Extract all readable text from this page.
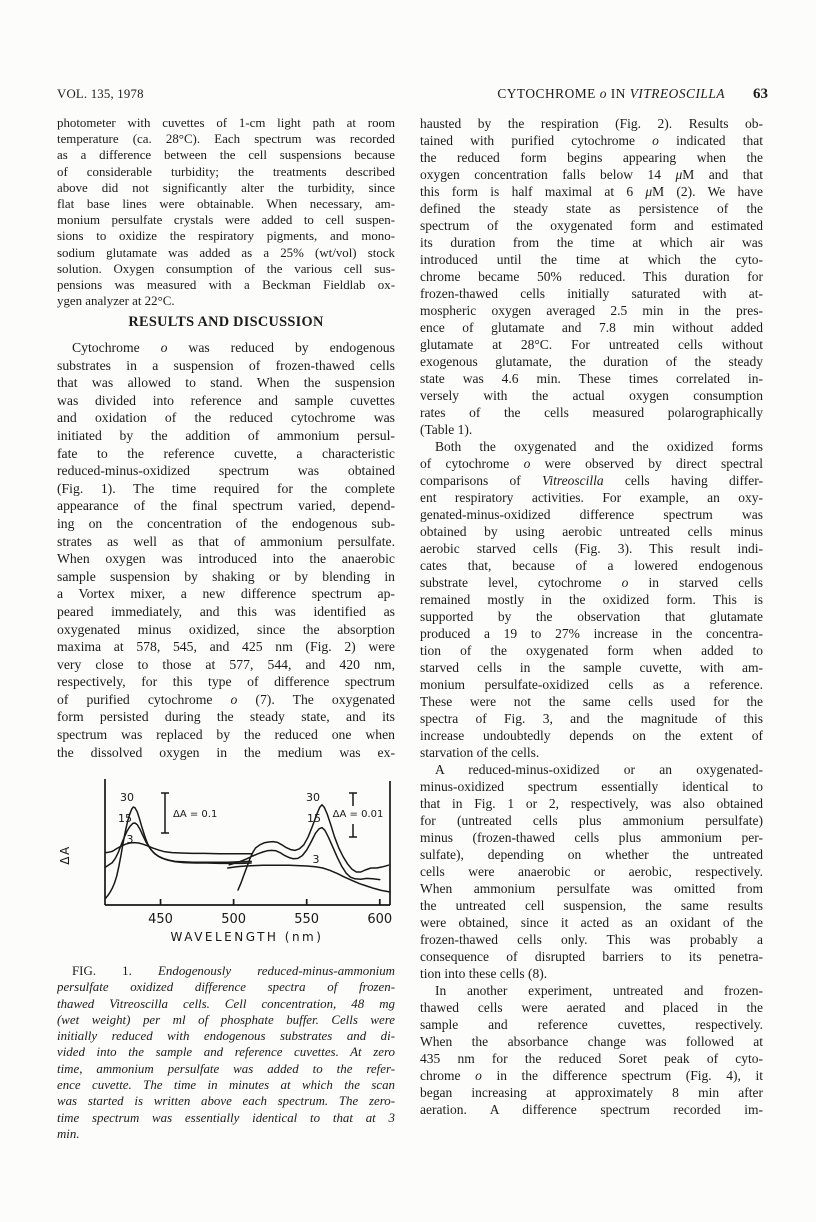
VOL. 135, 1978	CYTOCHROME o IN VITREOSCILLA 63
photometer with cuvettes of 1-cm light path at room
temperature (ca. 28°C). Each spectrum was recorded
as a difference between the cell suspensions because
of considerable turbidity; the treatments described
above did not significantly alter the turbidity, since
flat base lines were obtainable. When necessary, am-
monium persulfate crystals were added to cell suspen-
sions to oxidize the respiratory pigments, and mono-
sodium glutamate was added as a 25% (wt/vol) stock
solution. Oxygen consumption of the various cell sus-
pensions was measured with a Beckman Fieldlab ox-
ygen analyzer at 22°C.
RESULTS AND DISCUSSION
Cytochrome o was reduced by endogenous
substrates in a suspension of frozen-thawed cells
that was allowed to stand. When the suspension
was divided into reference and sample cuvettes
and oxidation of the reduced cytochrome was
initiated by the addition of ammonium persul-
fate to the reference cuvette, a characteristic
reduced-minus-oxidized spectrum was obtained
(Fig. 1). The time required for the complete
appearance of the final spectrum varied, depend-
ing on the concentration of the endogenous sub-
strates as well as that of ammonium persulfate.
When oxygen was introduced into the anaerobic
sample suspension by shaking or by blending in
a Vortex mixer, a new difference spectrum ap-
peared immediately, and this was identified as
oxygenated minus oxidized, since the absorption
maxima at 578, 545, and 425 nm (Fig. 2) were
very close to those at 577, 544, and 420 nm,
respectively, for this type of difference spectrum
of purified cytochrome o (7). The oxygenated
form persisted during the steady state, and its
spectrum was replaced by the reduced one when
the dissolved oxygen in the medium was ex-
30
15
3
30
15
3
450	500	550	600
ΔA = 0.1	ΔA = 0.01
WAVELENGTH (nm)
ΔA
FIG. 1. Endogenously reduced-minus-ammonium
persulfate oxidized difference spectra of frozen-
thawed Vitreoscilla cells. Cell concentration, 48 mg
(wet weight) per ml of phosphate buffer. Cells were
initially reduced with endogenous substrates and di-
vided into the sample and reference cuvettes. At zero
time, ammonium persulfate was added to the refer-
ence cuvette. The time in minutes at which the scan
was started is written above each spectrum. The zero-
time spectrum was essentially identical to that at 3
min.
hausted by the respiration (Fig. 2). Results ob-
tained with purified cytochrome o indicated that
the reduced form begins appearing when the
oxygen concentration falls below 14 μM and that
this form is half maximal at 6 μM (2). We have
defined the steady state as persistence of the
spectrum of the oxygenated form and estimated
its duration from the time at which air was
introduced until the time at which the cyto-
chrome became 50% reduced. This duration for
frozen-thawed cells initially saturated with at-
mospheric oxygen averaged 2.5 min in the pres-
ence of glutamate and 7.8 min without added
glutamate at 28°C. For untreated cells without
exogenous glutamate, the duration of the steady
state was 4.6 min. These times correlated in-
versely with the actual oxygen consumption
rates of the cells measured polarographically
(Table 1).
Both the oxygenated and the oxidized forms
of cytochrome o were observed by direct spectral
comparisons of Vitreoscilla cells having differ-
ent respiratory activities. For example, an oxy-
genated-minus-oxidized difference spectrum was
obtained by using aerobic untreated cells minus
aerobic starved cells (Fig. 3). This result indi-
cates that, because of a lowered endogenous
substrate level, cytochrome o in starved cells
remained mostly in the oxidized form. This is
supported by the observation that glutamate
produced a 19 to 27% increase in the concentra-
tion of the oxygenated form when added to
starved cells in the sample cuvette, with am-
monium persulfate-oxidized cells as a reference.
These were not the same cells used for the
spectra of Fig. 3, and the magnitude of this
increase undoubtedly depends on the extent of
starvation of the cells.
A reduced-minus-oxidized or an oxygenated-
minus-oxidized spectrum essentially identical to
that in Fig. 1 or 2, respectively, was also obtained
for (untreated cells plus ammonium persulfate)
minus (frozen-thawed cells plus ammonium per-
sulfate), depending on whether the untreated
cells were anaerobic or aerobic, respectively.
When ammonium persulfate was omitted from
the untreated cell suspension, the same results
were obtained, since it acted as an oxidant of the
frozen-thawed cells only. This was probably a
consequence of disrupted barriers to its penetra-
tion into these cells (8).
In another experiment, untreated and frozen-
thawed cells were aerated and placed in the
sample and reference cuvettes, respectively.
When the absorbance change was followed at
435 nm for the reduced Soret peak of cyto-
chrome o in the difference spectrum (Fig. 4), it
began increasing at approximately 8 min after
aeration. A difference spectrum recorded im-
